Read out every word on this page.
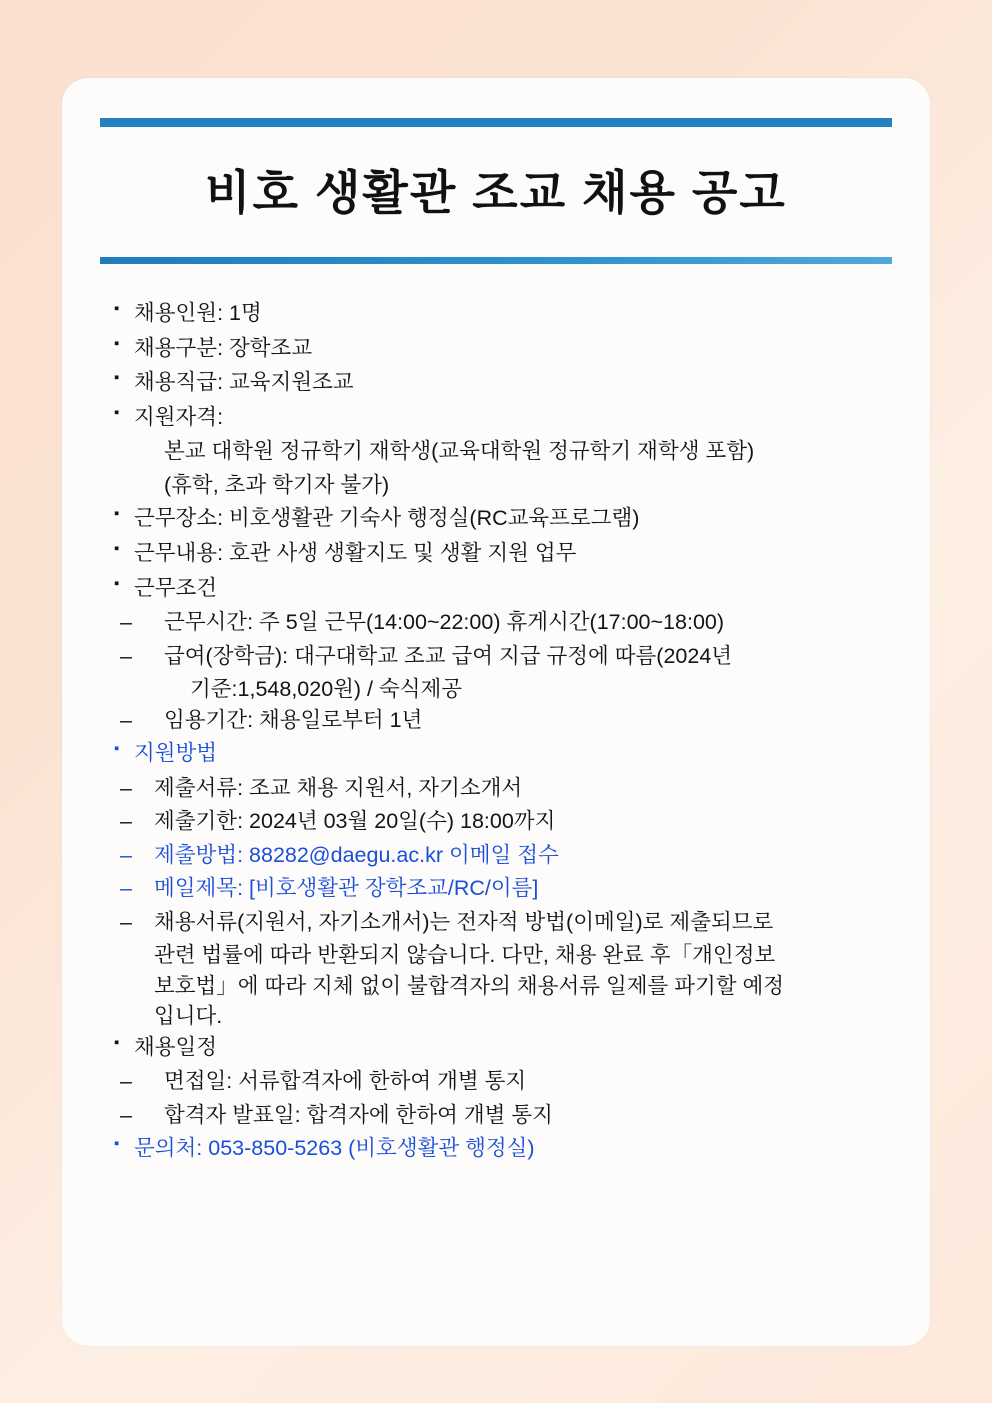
비호 생활관 조교 채용 공고
▪ 채용인원: 1명
▪ 채용구분: 장학조교
▪ 채용직급: 교육지원조교
▪ 지원자격:
본교 대학원 정규학기 재학생(교육대학원 정규학기 재학생 포함)
(휴학, 초과 학기자 불가)
▪ 근무장소: 비호생활관 기숙사 행정실(RC교육프로그램)
▪ 근무내용: 호관 사생 생활지도 및 생활 지원 업무
▪ 근무조건
– 근무시간: 주 5일 근무(14:00~22:00) 휴게시간(17:00~18:00)
– 급여(장학금): 대구대학교 조교 급여 지급 규정에 따름(2024년
기준:1,548,020원) / 숙식제공
– 임용기간: 채용일로부터 1년
▪ 지원방법
– 제출서류: 조교 채용 지원서, 자기소개서
– 제출기한: 2024년 03월 20일(수) 18:00까지
– 제출방법: 88282@daegu.ac.kr 이메일 접수
– 메일제목: [비호생활관 장학조교/RC/이름]
– 채용서류(지원서, 자기소개서)는 전자적 방법(이메일)로 제출되므로
관련 법률에 따라 반환되지 않습니다. 다만, 채용 완료 후「개인정보
보호법」에 따라 지체 없이 불합격자의 채용서류 일제를 파기할 예정
입니다.
▪ 채용일정
– 면접일: 서류합격자에 한하여 개별 통지
– 합격자 발표일: 합격자에 한하여 개별 통지
▪ 문의처: 053-850-5263 (비호생활관 행정실)
